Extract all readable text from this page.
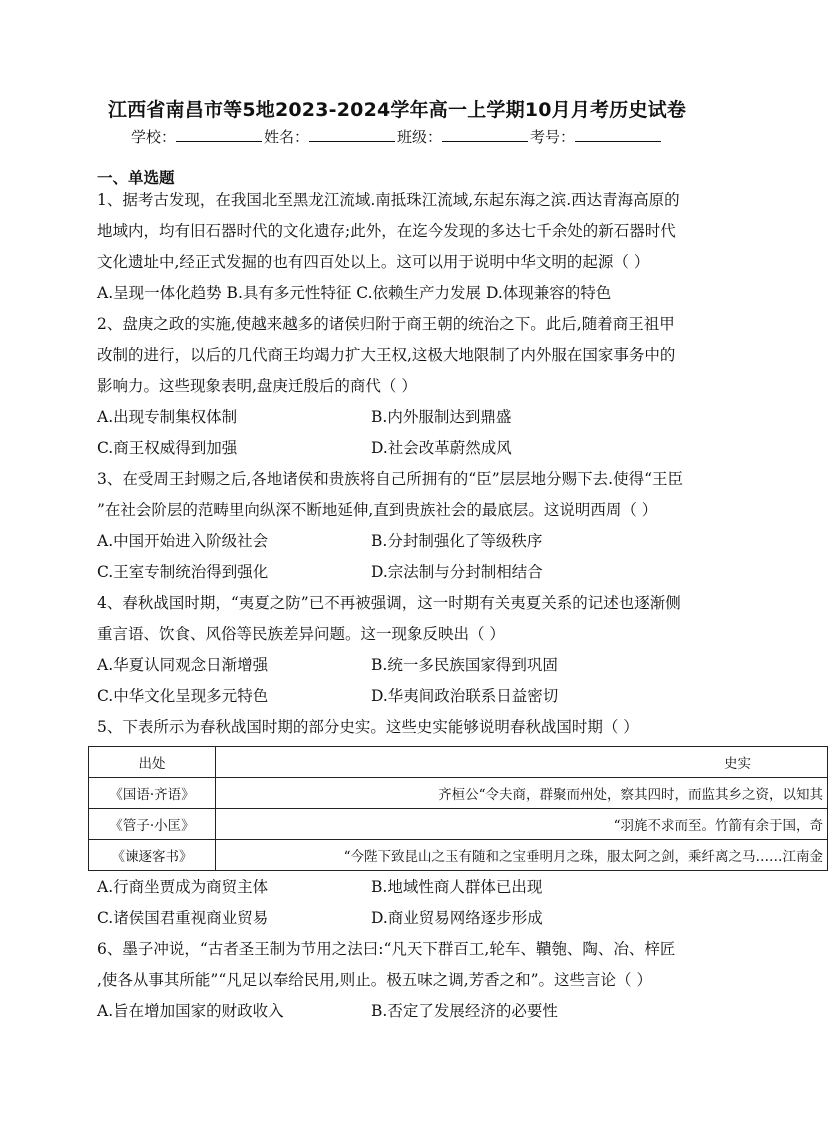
江西省南昌市等5地2023-2024学年高一上学期10月月考历史试卷
学校：	姓名：	班级：	考号：
一、单选题
1、据考古发现，在我国北至黑龙江流域.南抵珠江流域,东起东海之滨.西达青海高原的
地域内，均有旧石器时代的文化遗存;此外，在迄今发现的多达七千余处的新石器时代
文化遗址中,经正式发掘的也有四百处以上。这可以用于说明中华文明的起源（ ）
A.呈现一体化趋势 B.具有多元性特征 C.依赖生产力发展 D.体现兼容的特色
2、盘庚之政的实施,使越来越多的诸侯归附于商王朝的统治之下。此后,随着商王祖甲
改制的进行，以后的几代商王均竭力扩大王权,这极大地限制了内外服在国家事务中的
影响力。这些现象表明,盘庚迁殷后的商代（ ）
A.出现专制集权体制	B.内外服制达到鼎盛
C.商王权威得到加强	D.社会改革蔚然成风
3、在受周王封赐之后,各地诸侯和贵族将自己所拥有的“臣”层层地分赐下去.使得“王臣
”在社会阶层的范畴里向纵深不断地延伸,直到贵族社会的最底层。这说明西周（ ）
A.中国开始进入阶级社会	B.分封制强化了等级秩序
C.王室专制统治得到强化	D.宗法制与分封制相结合
4、春秋战国时期，“夷夏之防”已不再被强调，这一时期有关夷夏关系的记述也逐渐侧
重言语、饮食、风俗等民族差异问题。这一现象反映出（ ）
A.华夏认同观念日渐增强	B.统一多民族国家得到巩固
C.中华文化呈现多元特色	D.华夷间政治联系日益密切
5、下表所示为春秋战国时期的部分史实。这些史实能够说明春秋战国时期（ ）
出处	史实
《国语·齐语》	齐桓公“令夫商，群聚而州处，察其四时，而监其乡之资，以知其
《管子·小匡》	“羽旄不求而至。竹箭有余于国，奇
《谏逐客书》	“今陛下致昆山之玉有随和之宝垂明月之珠，服太阿之剑，乘纤离之马……江南金
A.行商坐贾成为商贸主体	B.地域性商人群体已出现
C.诸侯国君重视商业贸易	D.商业贸易网络逐步形成
6、墨子冲说，“古者圣王制为节用之法曰:“凡天下群百工,轮车、鞼匏、陶、冶、梓匠
,使各从事其所能”“凡足以奉给民用,则止。极五味之调,芳香之和”。这些言论（ ）
A.旨在增加国家的财政收入	B.否定了发展经济的必要性
